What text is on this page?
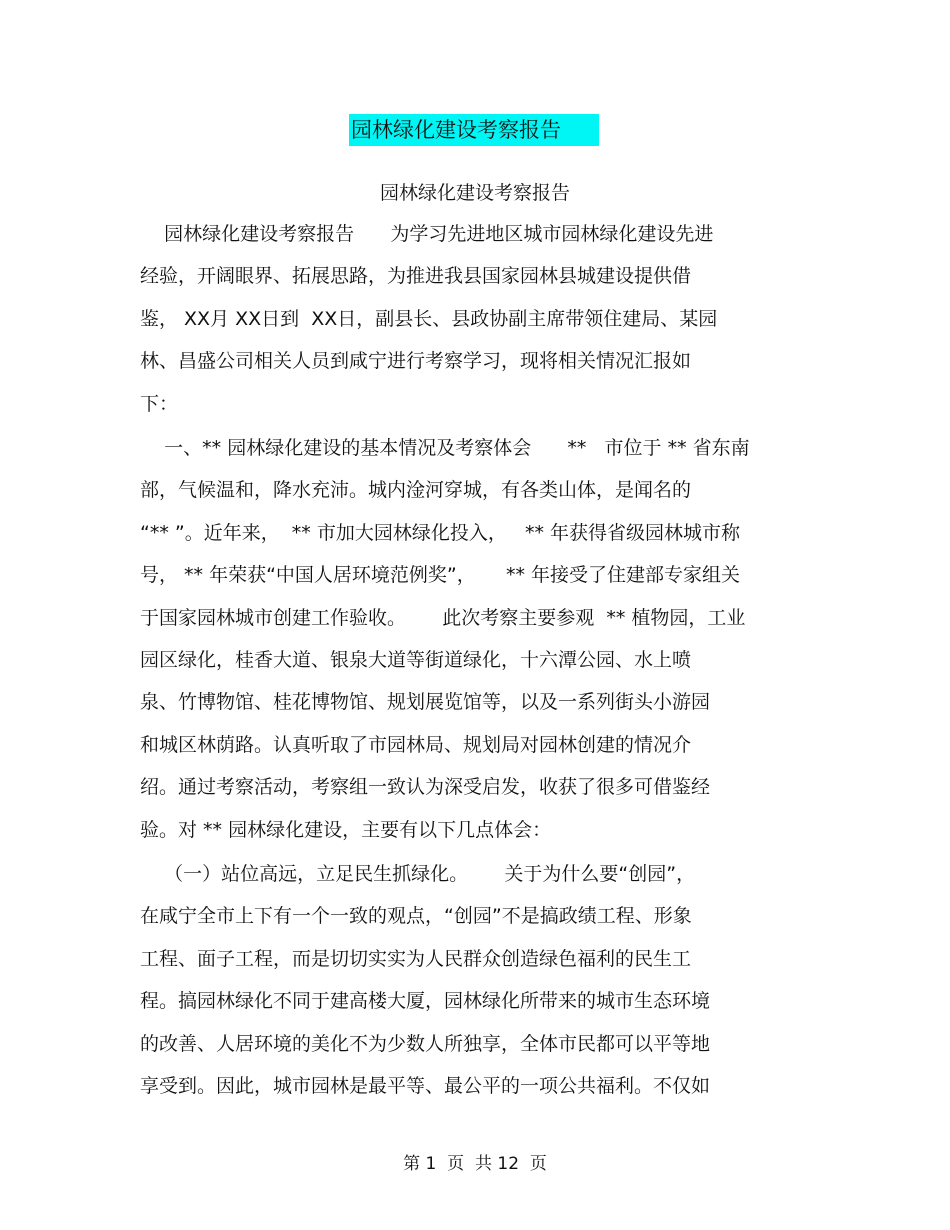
园林绿化建设考察报告
园林绿化建设考察报告
园林绿化建设考察报告      为学习先进地区城市园林绿化建设先进
经验，开阔眼界、拓展思路，为推进我县国家园林县城建设提供借
鉴， XX月 XX日到  XX日，副县长、县政协副主席带领住建局、某园
林、昌盛公司相关人员到咸宁进行考察学习，现将相关情况汇报如
下：
一、** 园林绿化建设的基本情况及考察体会      **   市位于 ** 省东南
部，气候温和，降水充沛。城内淦河穿城，有各类山体，是闻名的
“** ”。近年来，  ** 市加大园林绿化投入，   ** 年获得省级园林城市称
号， ** 年荣获“中国人居环境范例奖”，     ** 年接受了住建部专家组关
于国家园林城市创建工作验收。      此次考察主要参观  ** 植物园，工业
园区绿化，桂香大道、银泉大道等街道绿化，十六潭公园、水上喷
泉、竹博物馆、桂花博物馆、规划展览馆等，以及一系列街头小游园
和城区林荫路。认真听取了市园林局、规划局对园林创建的情况介
绍。通过考察活动，考察组一致认为深受启发，收获了很多可借鉴经
验。对 ** 园林绿化建设，主要有以下几点体会：
（一）站位高远，立足民生抓绿化。      关于为什么要“创园”，
在咸宁全市上下有一个一致的观点，“创园”不是搞政绩工程、形象
工程、面子工程，而是切切实实为人民群众创造绿色福利的民生工
程。搞园林绿化不同于建高楼大厦，园林绿化所带来的城市生态环境
的改善、人居环境的美化不为少数人所独享，全体市民都可以平等地
享受到。因此，城市园林是最平等、最公平的一项公共福利。不仅如
第 1  页  共 12  页
